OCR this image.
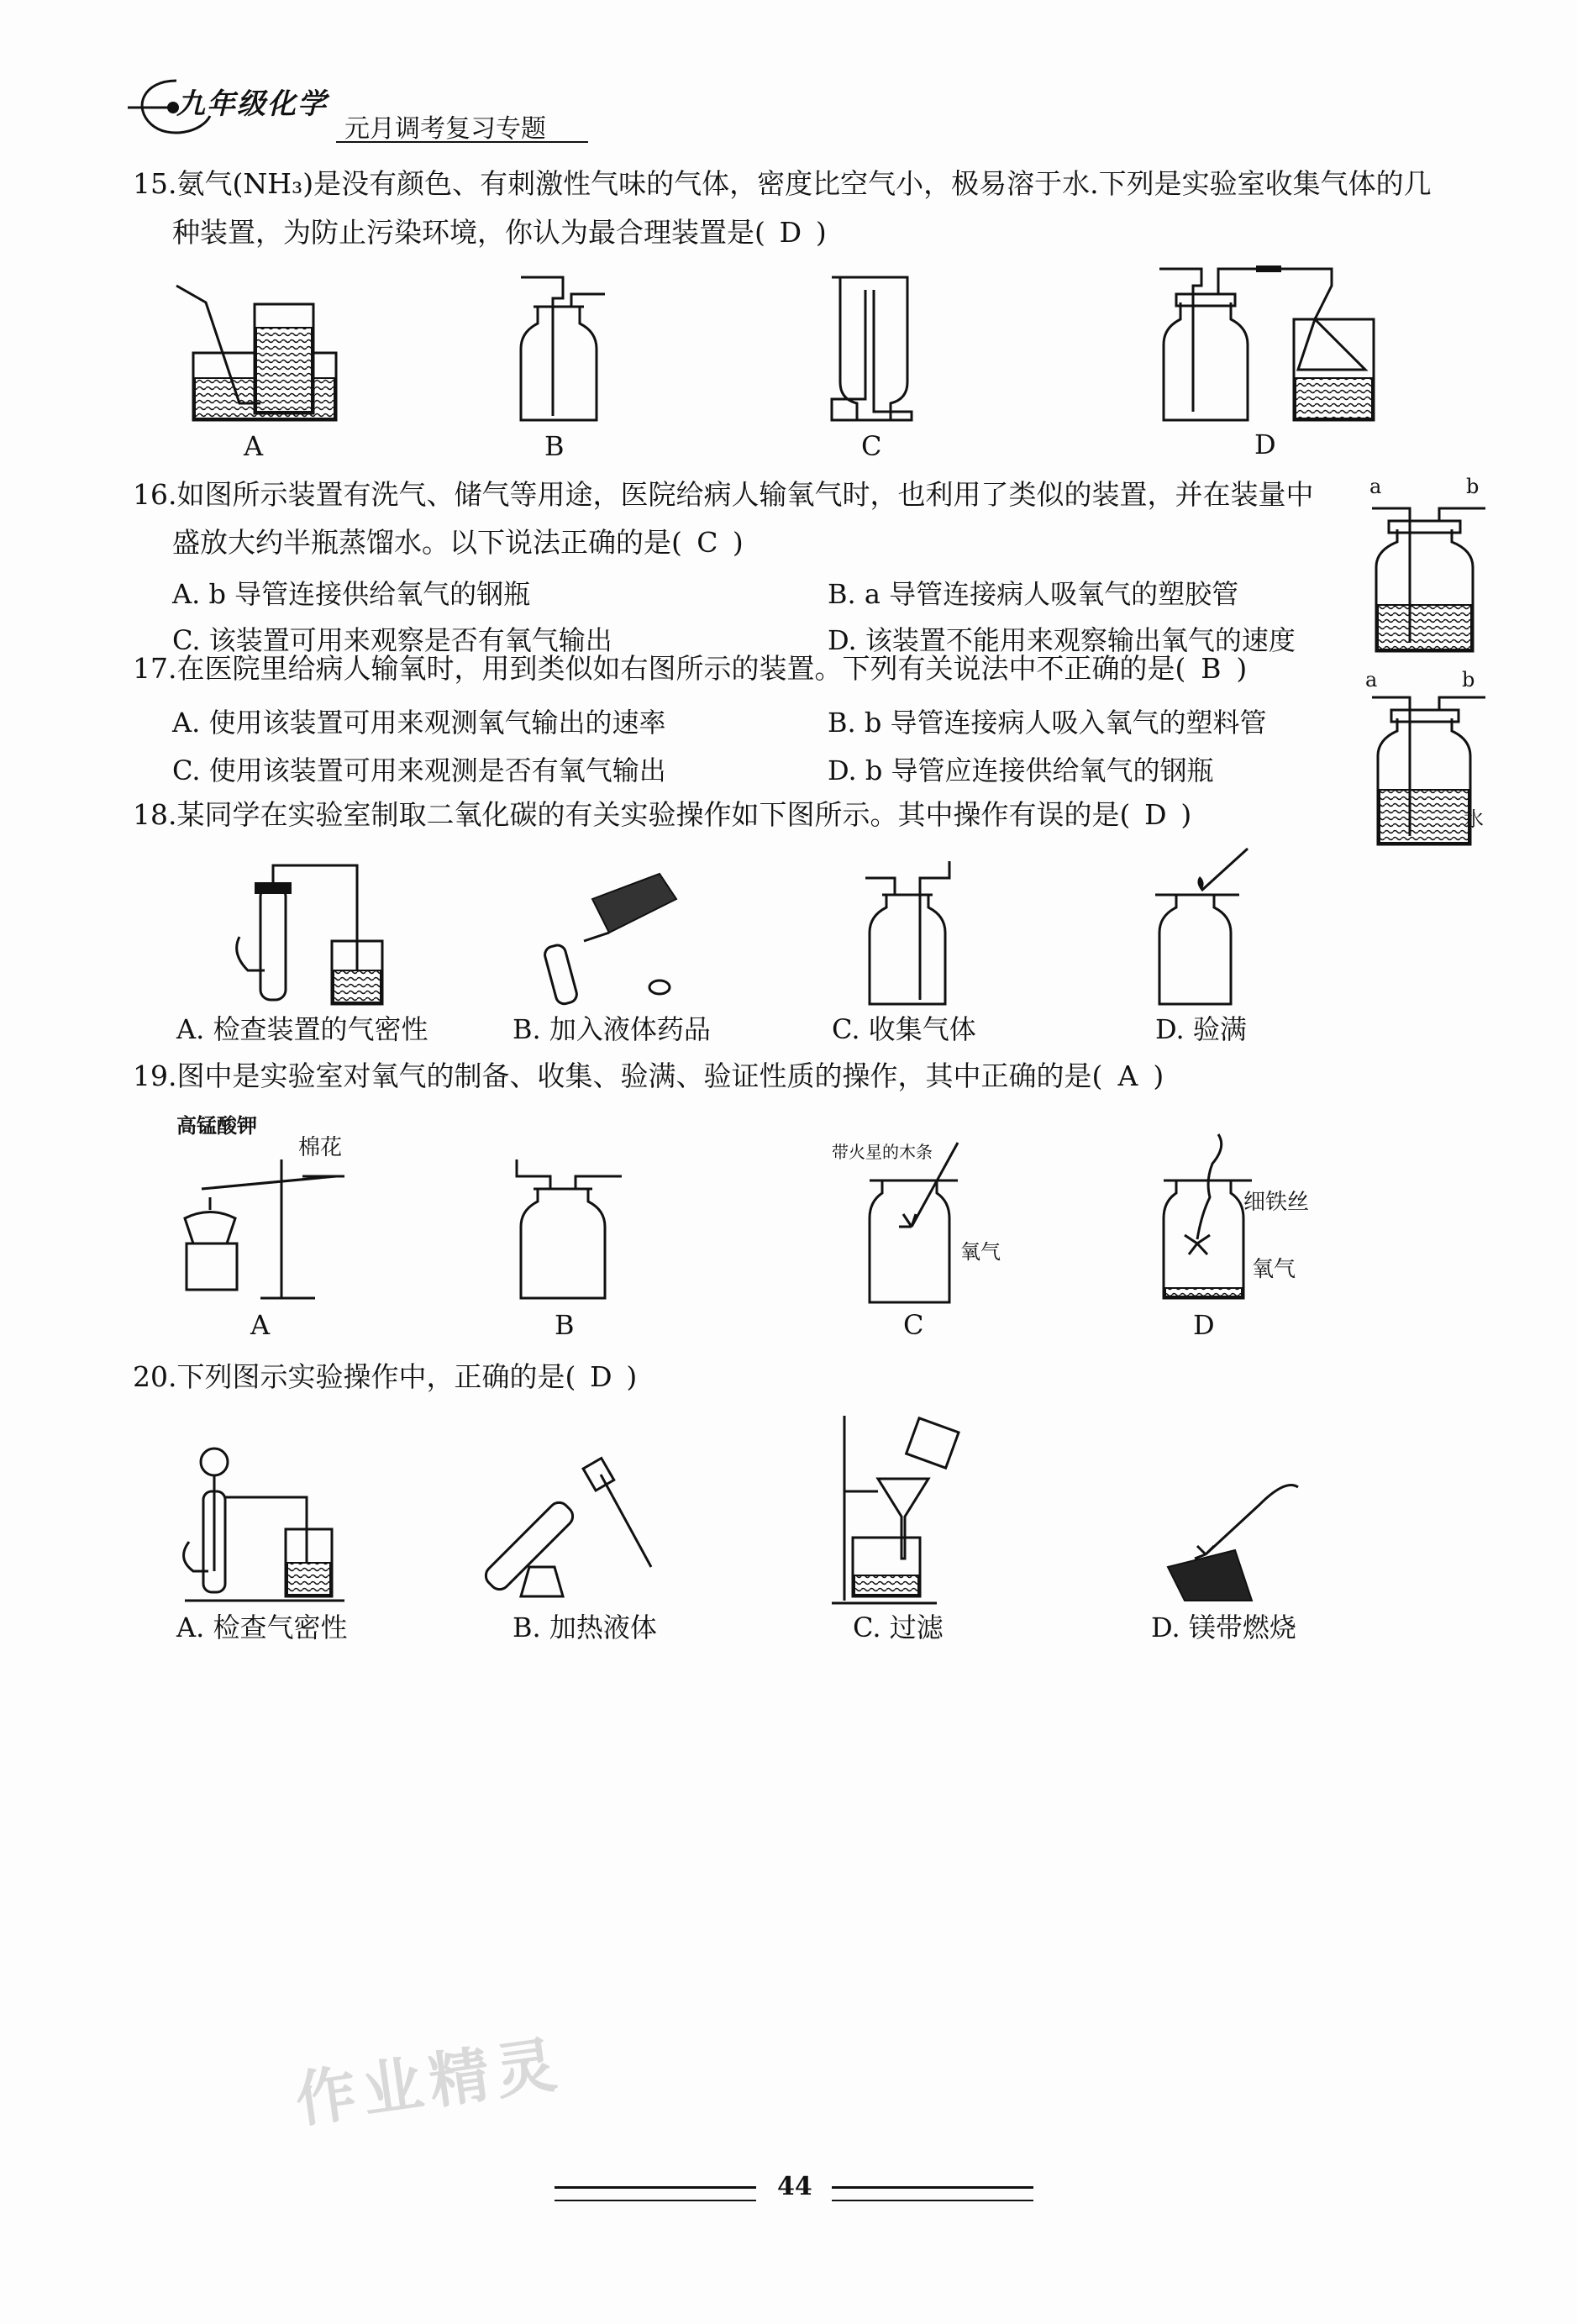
九年级化学
元月调考复习专题
15.氨气(NH₃)是没有颜色、有刺激性气味的气体，密度比空气小，极易溶于水.下列是实验室收集气体的几
种装置，为防止污染环境，你认为最合理装置是( D )
A	B	C	D
16.如图所示装置有洗气、储气等用途，医院给病人输氧气时，也利用了类似的装置，并在装量中
盛放大约半瓶蒸馏水。以下说法正确的是( C )
A. b 导管连接供给氧气的钢瓶	B. a 导管连接病人吸氧气的塑胶管
C. 该装置可用来观察是否有氧气输出	D. 该装置不能用来观察输出氧气的速度
a	b
17.在医院里给病人输氧时，用到类似如右图所示的装置。下列有关说法中不正确的是( B )
A. 使用该装置可用来观测氧气输出的速率	B. b 导管连接病人吸入氧气的塑料管
C. 使用该装置可用来观测是否有氧气输出	D. b 导管应连接供给氧气的钢瓶
a	b
水
18.某同学在实验室制取二氧化碳的有关实验操作如下图所示。其中操作有误的是( D )
A. 检查装置的气密性	B. 加入液体药品	C. 收集气体	D. 验满
19.图中是实验室对氧气的制备、收集、验满、验证性质的操作，其中正确的是( A )
高锰酸钾
棉花
A	B
带火星的木条
氧气
C
细铁丝
氧气
D
20.下列图示实验操作中，正确的是( D )
A. 检查气密性	B. 加热液体	C. 过滤	D. 镁带燃烧
作业精灵
44
